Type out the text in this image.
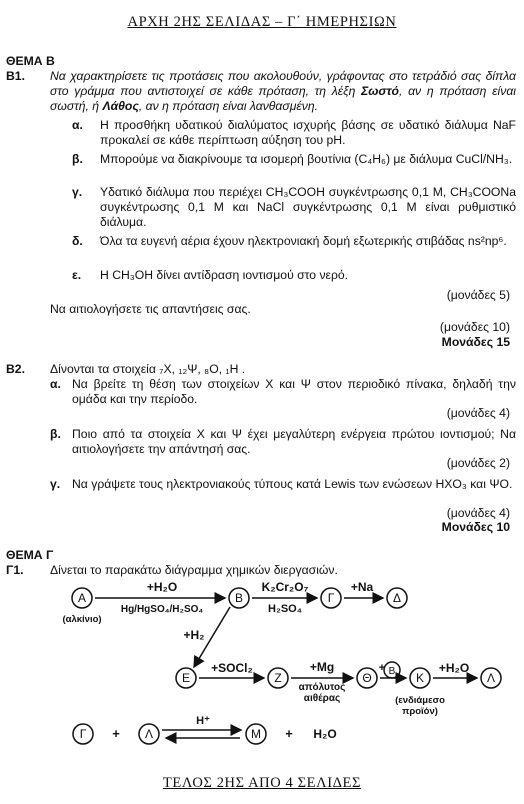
ΑΡΧΗ 2ΗΣ ΣΕΛΙΔΑΣ – Γ΄ ΗΜΕΡΗΣΙΩΝ
ΘΕΜΑ Β
Β1. Να χαρακτηρίσετε τις προτάσεις που ακολουθούν, γράφοντας στο τετράδιό σας δίπλα στο γράμμα που αντιστοιχεί σε κάθε πρόταση, τη λέξη Σωστό, αν η πρόταση είναι σωστή, ή Λάθος, αν η πρόταση είναι λανθασμένη.
α. Η προσθήκη υδατικού διαλύματος ισχυρής βάσης σε υδατικό διάλυμα NaF προκαλεί σε κάθε περίπτωση αύξηση του pH.
β. Μπορούμε να διακρίνουμε τα ισομερή βουτίνια (C₄H₆) με διάλυμα CuCl/NH₃.
γ. Υδατικό διάλυμα που περιέχει CH₃COOH συγκέντρωσης 0,1 Μ, CH₃COONa συγκέντρωσης 0,1 Μ και NaCl συγκέντρωσης 0,1 Μ είναι ρυθμιστικό διάλυμα.
δ. Όλα τα ευγενή αέρια έχουν ηλεκτρονιακή δομή εξωτερικής στιβάδας ns²np⁶.
ε. Η CH₃OH δίνει αντίδραση ιοντισμού στο νερό.
(μονάδες 5)
Να αιτιολογήσετε τις απαντήσεις σας.
(μονάδες 10)
Μονάδες 15
Β2. Δίνονται τα στοιχεία ₇Χ, ₁₂Ψ, ₈Ο, ₁Η .
α. Να βρείτε τη θέση των στοιχείων Χ και Ψ στον περιοδικό πίνακα, δηλαδή την ομάδα και την περίοδο.
(μονάδες 4)
β. Ποιο από τα στοιχεία Χ και Ψ έχει μεγαλύτερη ενέργεια πρώτου ιοντισμού; Να αιτιολογήσετε την απάντησή σας.
(μονάδες 2)
γ. Να γράψετε τους ηλεκτρονιακούς τύπους κατά Lewis των ενώσεων HXO₃ και ΨΟ.
(μονάδες 4)
Μονάδες 10
ΘΕΜΑ Γ
Γ1. Δίνεται το παρακάτω διάγραμμα χημικών διεργασιών.
Α	Β	Γ	Δ
Ε	Ζ	Θ Β Κ	Λ
Γ	Λ	Μ
(αλκίνιο)
+H₂O
Hg/HgSO₄/H₂SO₄
K₂Cr₂O₇
H₂SO₄
+Na
+H₂
+SOCl₂	+Mg
απόλυτος
αιθέρας
+	+H₂O
(ενδιάμεσο
προϊόν)
H⁺
+	+ H₂O
ΤΕΛΟΣ 2ΗΣ ΑΠΟ 4 ΣΕΛΙΔΕΣ
